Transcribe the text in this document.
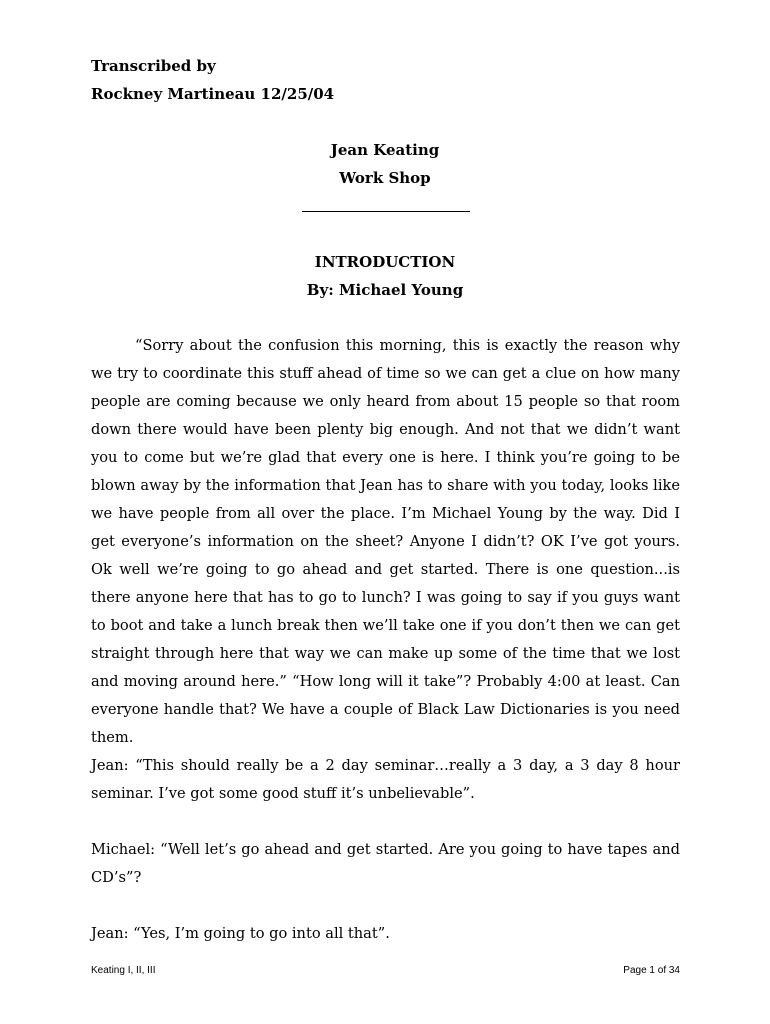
Transcribed by
Rockney Martineau 12/25/04
Jean Keating
Work Shop
INTRODUCTION
By: Michael Young

“Sorry about the confusion this morning, this is exactly the reason why we try to coordinate this stuff ahead of time so we can get a clue on how many people are coming because we only heard from about 15 people so that room down there would have been plenty big enough. And not that we didn’t want you to come but we’re glad that every one is here. I think you’re going to be blown away by the information that Jean has to share with you today, looks like we have people from all over the place. I’m Michael Young by the way. Did I get everyone’s information on the sheet? Anyone I didn’t? OK I’ve got yours. Ok well we’re going to go ahead and get started. There is one question...is there anyone here that has to go to lunch? I was going to say if you guys want to boot and take a lunch break then we’ll take one if you don’t then we can get straight through here that way we can make up some of the time that we lost and moving around here.” “How long will it take”? Probably 4:00 at least. Can everyone handle that? We have a couple of Black Law Dictionaries is you need them.

Jean: “This should really be a 2 day seminar…really a 3 day, a 3 day 8 hour seminar. I’ve got some good stuff it’s unbelievable”.

Michael: “Well let’s go ahead and get started. Are you going to have tapes and CD’s”?

Jean: “Yes, I’m going to go into all that”.

Keating I, II, III	Page 1 of 34
